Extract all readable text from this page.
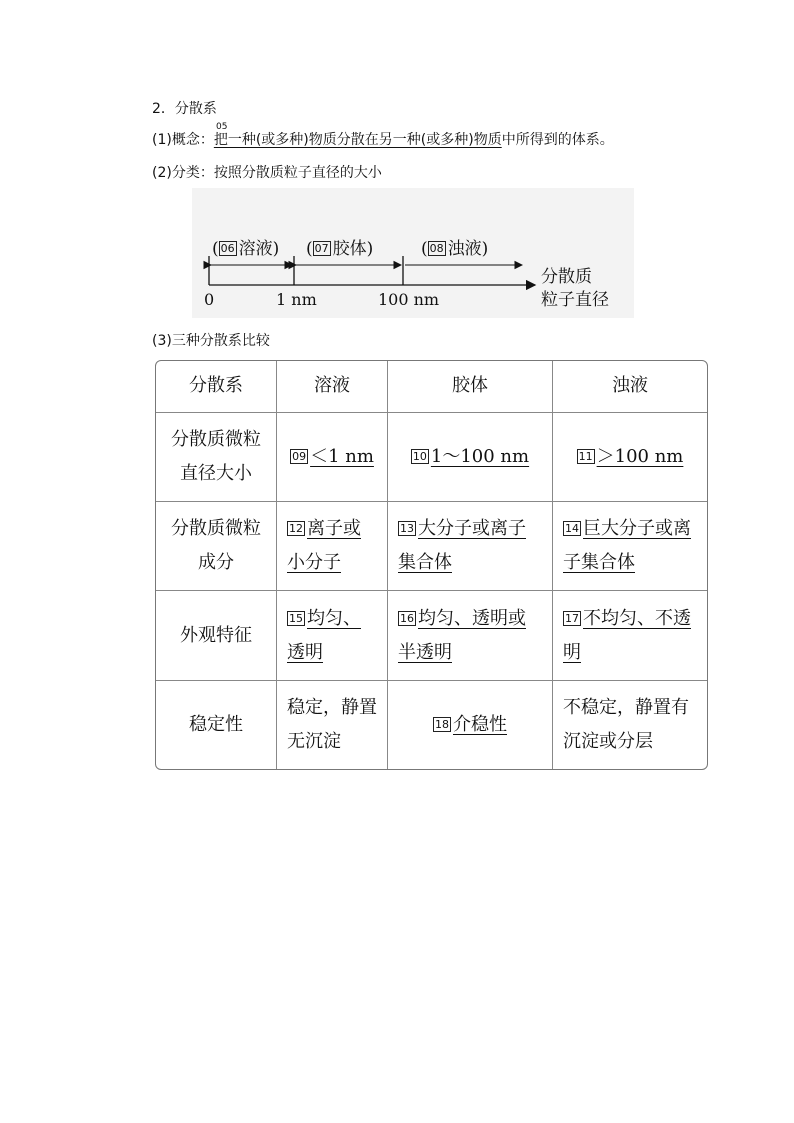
2．分散系
(1)概念：
05
把一种(或多种)物质分散在另一种(或多种)物质中所得到的体系。
(2)分类：按照分散质粒子直径的大小
( 06 溶液) ( 07 胶体)	( 08 浊液)
0	1 nm	100 nm
分散质
粒子直径
(3)三种分散系比较
分散系	溶液	胶体	浊液
分散质微粒直径大小	09 ＜1 nm	10 1～100 nm	11 ＞100 nm
分散质微粒成分	12 离子或小分子	13 大分子或离子集合体	14 巨大分子或离子集合体
外观特征	15 均匀、透明	16 均匀、透明或半透明	17 不均匀、不透明
稳定性	稳定，静置无沉淀	18 介稳性	不稳定，静置有沉淀或分层
